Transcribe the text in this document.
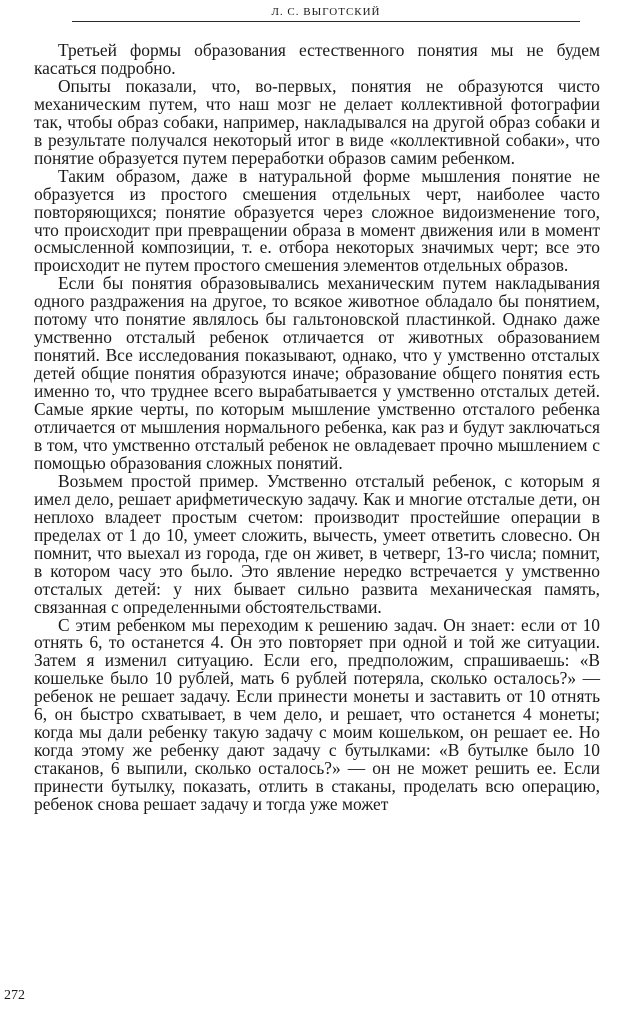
Л. С. ВЫГОТСКИЙ

Третьей формы образования естественного понятия мы не будем касаться подробно.

Опыты показали, что, во-первых, понятия не образуются чисто механическим путем, что наш мозг не делает коллективной фотографии так, чтобы образ собаки, например, накладывался на другой образ собаки и в результате получался некоторый итог в виде «коллективной собаки», что понятие образуется путем переработки образов самим ребенком.

Таким образом, даже в натуральной форме мышления понятие не образуется из простого смешения отдельных черт, наиболее часто повторяющихся; понятие образуется через сложное видоизменение того, что происходит при превращении образа в момент движения или в момент осмысленной композиции, т. е. отбора некоторых значимых черт; все это происходит не путем простого смешения элементов отдельных образов.

Если бы понятия образовывались механическим путем накладывания одного раздражения на другое, то всякое животное обладало бы понятием, потому что понятие являлось бы гальтоновской пластинкой. Однако даже умственно отсталый ребенок отличается от животных образованием понятий. Все исследования показывают, однако, что у умственно отсталых детей общие понятия образуются иначе; образование общего понятия есть именно то, что труднее всего вырабатывается у умственно отсталых детей. Самые яркие черты, по которым мышление умственно отсталого ребенка отличается от мышления нормального ребенка, как раз и будут заключаться в том, что умственно отсталый ребенок не овладевает прочно мышлением с помощью образования сложных понятий.

Возьмем простой пример. Умственно отсталый ребенок, с которым я имел дело, решает арифметическую задачу. Как и многие отсталые дети, он неплохо владеет простым счетом: производит простейшие операции в пределах от 1 до 10, умеет сложить, вычесть, умеет ответить словесно. Он помнит, что выехал из города, где он живет, в четверг, 13-го числа; помнит, в котором часу это было. Это явление нередко встречается у умственно отсталых детей: у них бывает сильно развита механическая память, связанная с определенными обстоятельствами.

С этим ребенком мы переходим к решению задач. Он знает: если от 10 отнять 6, то останется 4. Он это повторяет при одной и той же ситуации. Затем я изменил ситуацию. Если его, предположим, спрашиваешь: «В кошельке было 10 рублей, мать 6 рублей потеряла, сколько осталось?» — ребенок не решает задачу. Если принести монеты и заставить от 10 отнять 6, он быстро схватывает, в чем дело, и решает, что останется 4 монеты; когда мы дали ребенку такую задачу с моим кошельком, он решает ее. Но когда этому же ребенку дают задачу с бутылками: «В бутылке было 10 стаканов, 6 выпили, сколько осталось?» — он не может решить ее. Если принести бутылку, показать, отлить в стаканы, проделать всю операцию, ребенок снова решает задачу и тогда уже может

272
